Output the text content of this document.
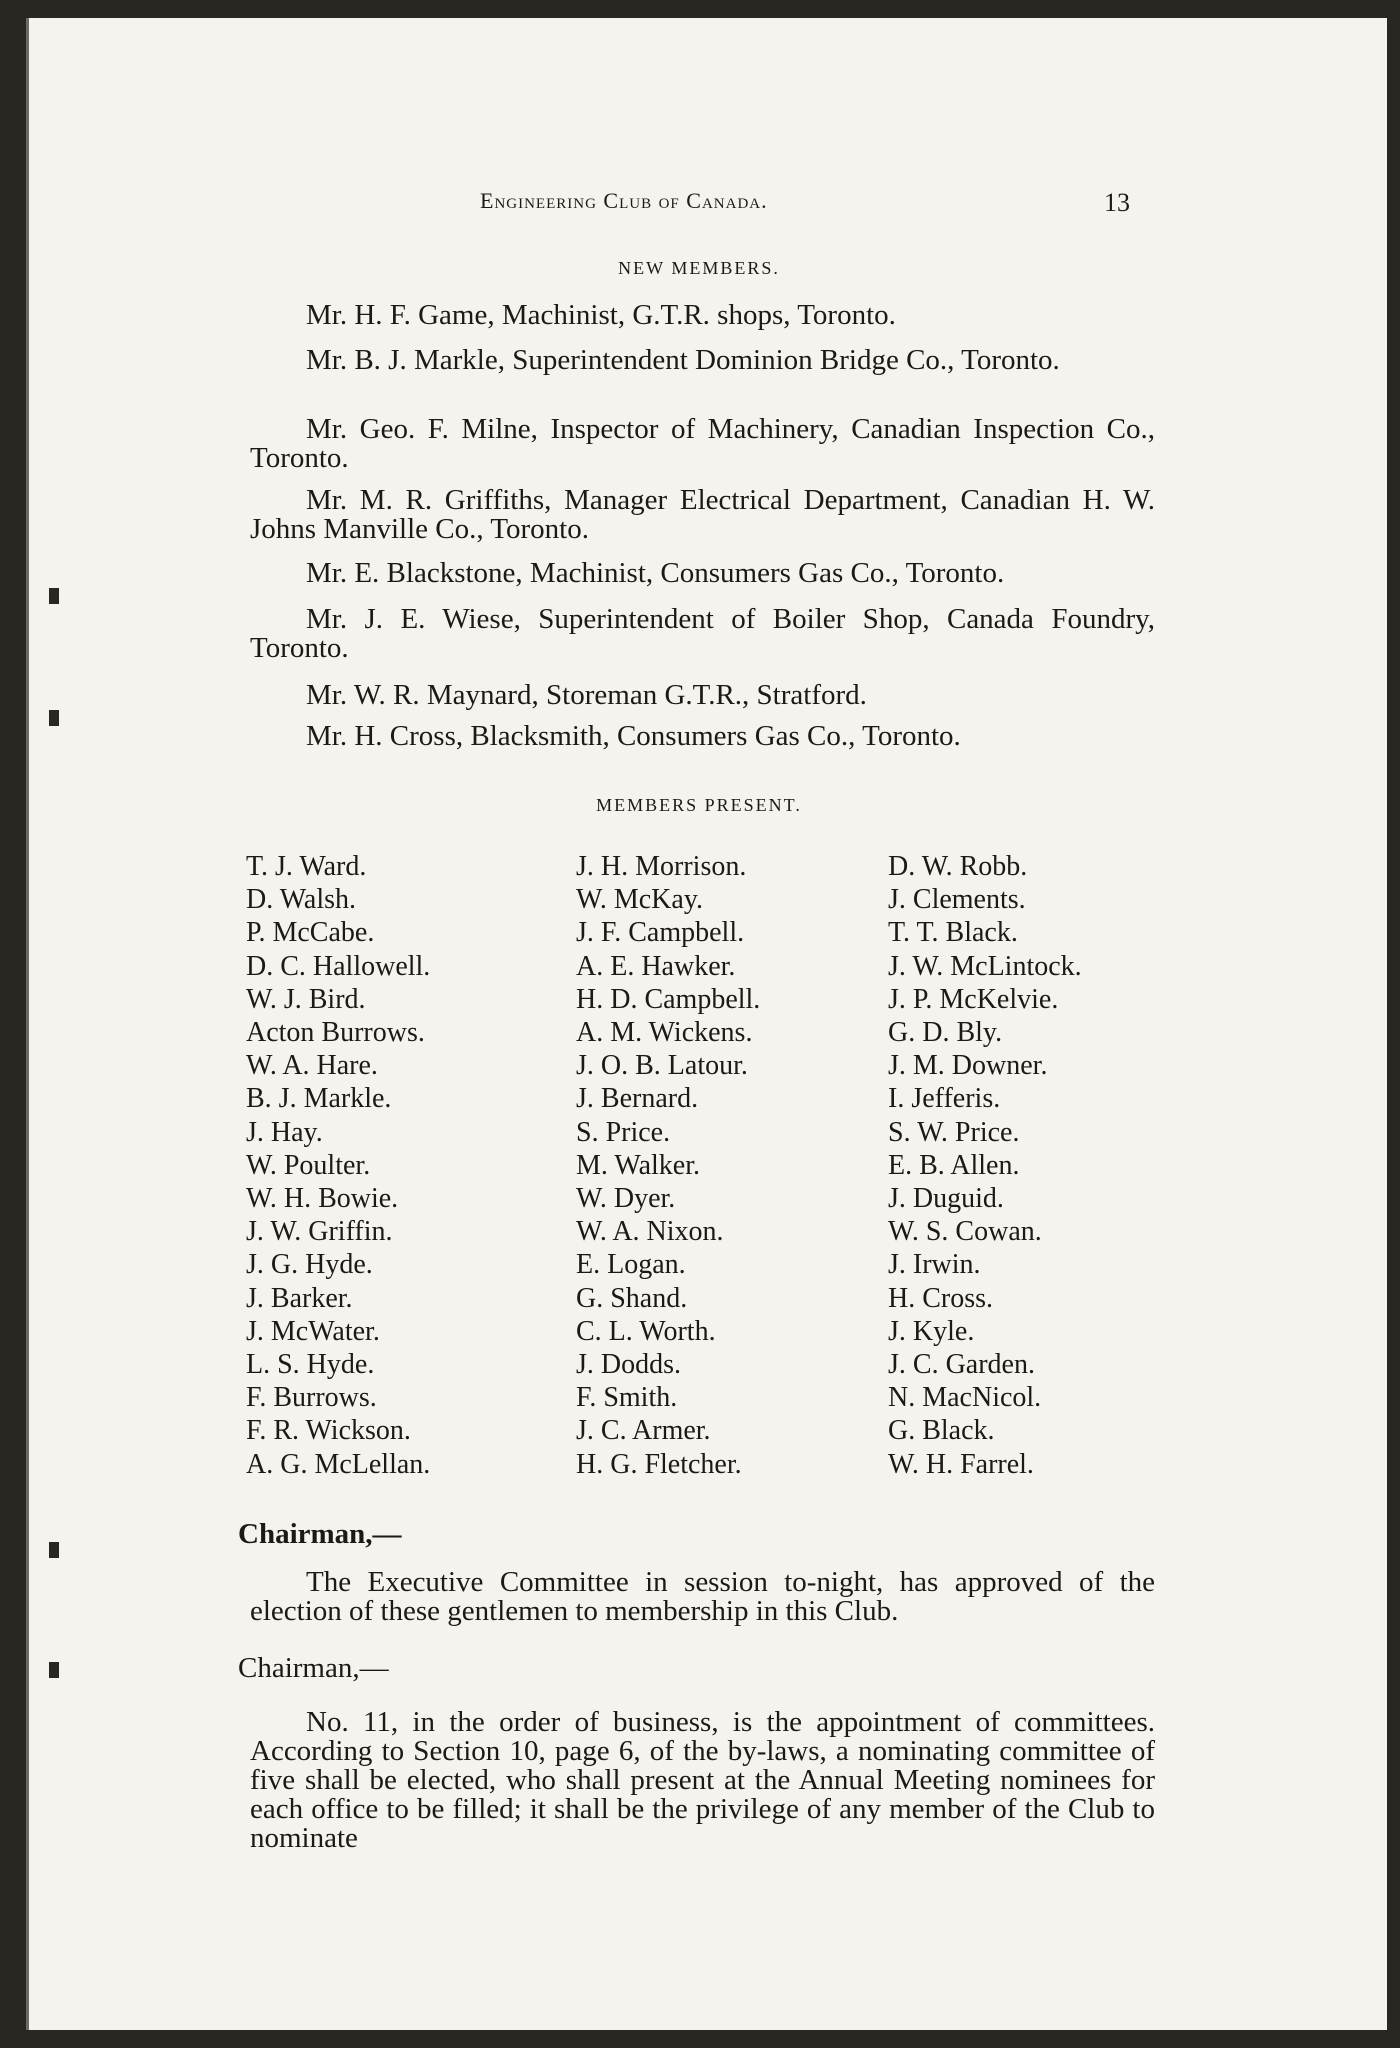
Engineering Club of Canada.	13
NEW MEMBERS.
Mr. H. F. Game, Machinist, G.T.R. shops, Toronto.
Mr. B. J. Markle, Superintendent Dominion Bridge Co., Toronto.
Mr. Geo. F. Milne, Inspector of Machinery, Canadian Inspection Co., Toronto.
Mr. M. R. Griffiths, Manager Electrical Department, Canadian H. W. Johns Manville Co., Toronto.
Mr. E. Blackstone, Machinist, Consumers Gas Co., Toronto.
Mr. J. E. Wiese, Superintendent of Boiler Shop, Canada Foundry, Toronto.
Mr. W. R. Maynard, Storeman G.T.R., Stratford.
Mr. H. Cross, Blacksmith, Consumers Gas Co., Toronto.
MEMBERS PRESENT.
T. J. Ward.
D. Walsh.
P. McCabe.
D. C. Hallowell.
W. J. Bird.
Acton Burrows.
W. A. Hare.
B. J. Markle.
J. Hay.
W. Poulter.
W. H. Bowie.
J. W. Griffin.
J. G. Hyde.
J. Barker.
J. McWater.
L. S. Hyde.
F. Burrows.
F. R. Wickson.
A. G. McLellan.
J. H. Morrison.
W. McKay.
J. F. Campbell.
A. E. Hawker.
H. D. Campbell.
A. M. Wickens.
J. O. B. Latour.
J. Bernard.
S. Price.
M. Walker.
W. Dyer.
W. A. Nixon.
E. Logan.
G. Shand.
C. L. Worth.
J. Dodds.
F. Smith.
J. C. Armer.
H. G. Fletcher.
D. W. Robb.
J. Clements.
T. T. Black.
J. W. McLintock.
J. P. McKelvie.
G. D. Bly.
J. M. Downer.
I. Jefferis.
S. W. Price.
E. B. Allen.
J. Duguid.
W. S. Cowan.
J. Irwin.
H. Cross.
J. Kyle.
J. C. Garden.
N. MacNicol.
G. Black.
W. H. Farrel.
Chairman,—
The Executive Committee in session to-night, has approved of the election of these gentlemen to membership in this Club.
Chairman,—
No. 11, in the order of business, is the appointment of committees. According to Section 10, page 6, of the by-laws, a nominating committee of five shall be elected, who shall present at the Annual Meeting nominees for each office to be filled; it shall be the privilege of any member of the Club to nominate
